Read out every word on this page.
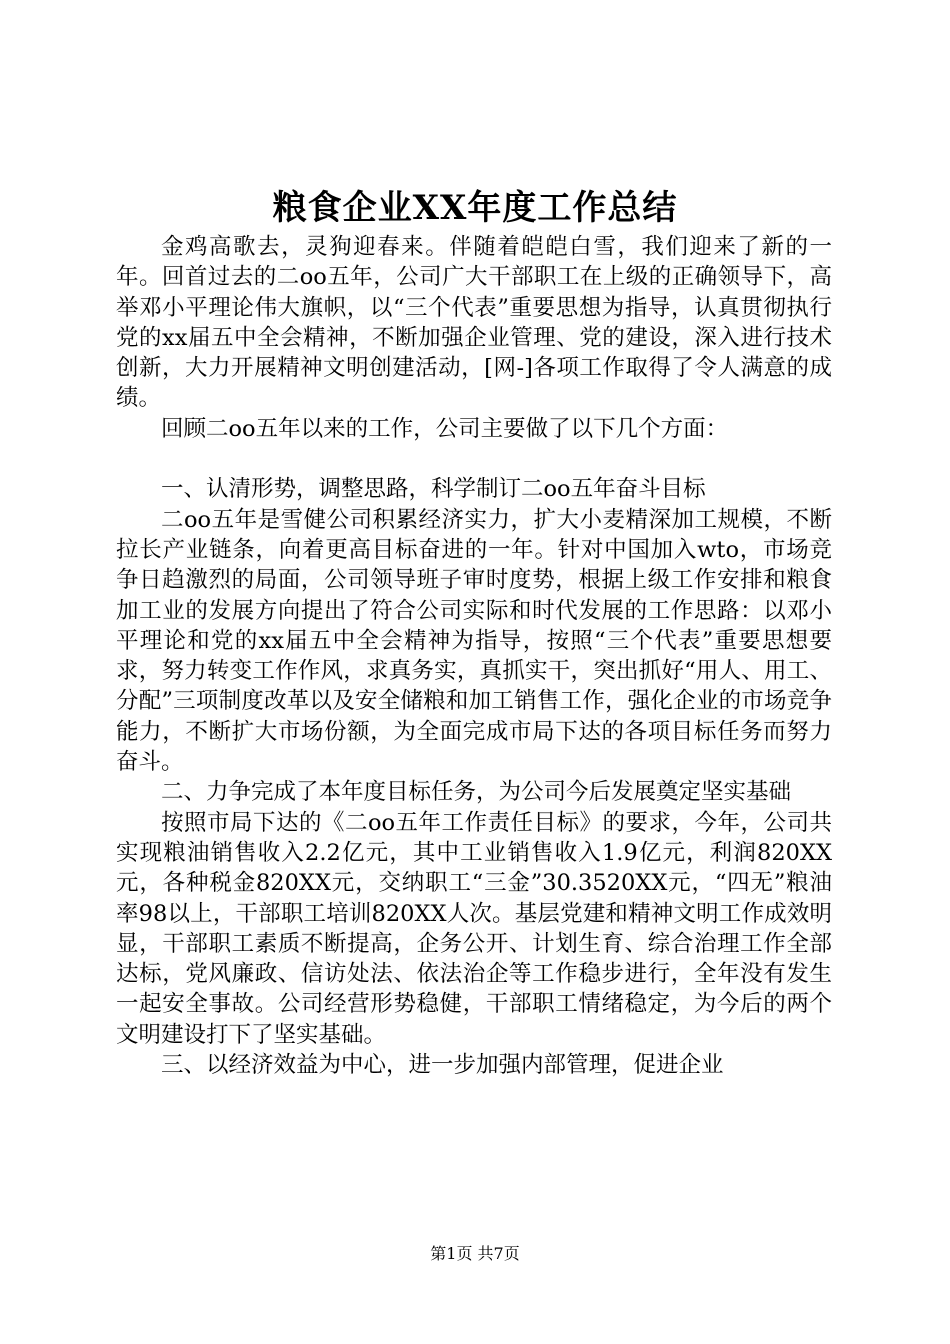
粮食企业XX年度工作总结

金鸡高歌去，灵狗迎春来。伴随着皑皑白雪，我们迎来了新的一年。回首过去的二oo五年，公司广大干部职工在上级的正确领导下，高举邓小平理论伟大旗帜，以“三个代表”重要思想为指导，认真贯彻执行党的xx届五中全会精神，不断加强企业管理、党的建设，深入进行技术创新，大力开展精神文明创建活动，[网-]各项工作取得了令人满意的成绩。

回顾二oo五年以来的工作，公司主要做了以下几个方面：

一、认清形势，调整思路，科学制订二oo五年奋斗目标

二oo五年是雪健公司积累经济实力，扩大小麦精深加工规模，不断拉长产业链条，向着更高目标奋进的一年。针对中国加入wto，市场竞争日趋激烈的局面，公司领导班子审时度势，根据上级工作安排和粮食加工业的发展方向提出了符合公司实际和时代发展的工作思路：以邓小平理论和党的xx届五中全会精神为指导，按照“三个代表”重要思想要求，努力转变工作作风，求真务实，真抓实干，突出抓好“用人、用工、分配”三项制度改革以及安全储粮和加工销售工作，强化企业的市场竞争能力，不断扩大市场份额，为全面完成市局下达的各项目标任务而努力奋斗。

二、力争完成了本年度目标任务，为公司今后发展奠定坚实基础

按照市局下达的《二oo五年工作责任目标》的要求，今年，公司共实现粮油销售收入2.2亿元，其中工业销售收入1.9亿元，利润820XX元，各种税金820XX元，交纳职工“三金”30.3520XX元，“四无”粮油率98以上，干部职工培训820XX人次。基层党建和精神文明工作成效明显，干部职工素质不断提高，企务公开、计划生育、综合治理工作全部达标，党风廉政、信访处法、依法治企等工作稳步进行，全年没有发生一起安全事故。公司经营形势稳健，干部职工情绪稳定，为今后的两个文明建设打下了坚实基础。

三、以经济效益为中心，进一步加强内部管理，促进企业

第1页 共7页
